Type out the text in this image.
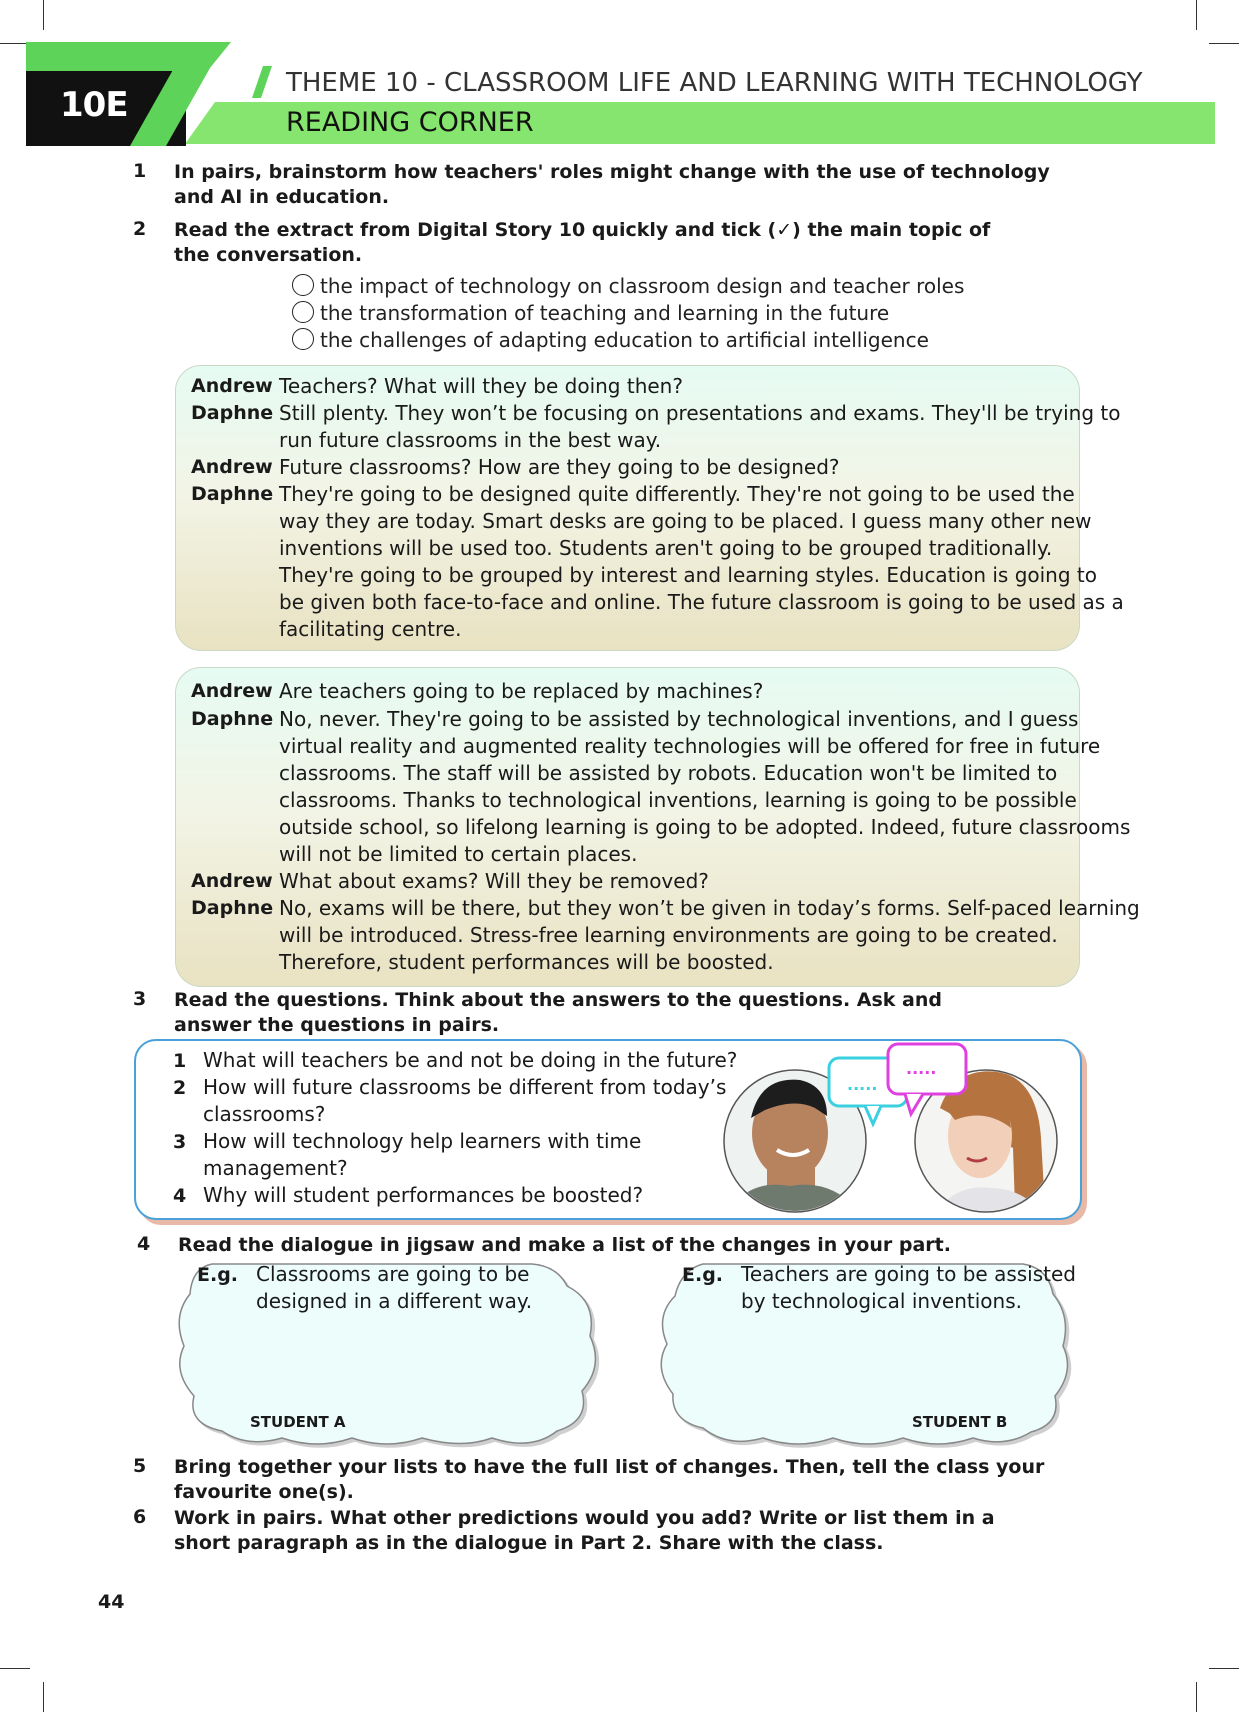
10E
THEME 10 - CLASSROOM LIFE AND LEARNING WITH TECHNOLOGY
READING CORNER
1 In pairs, brainstorm how teachers' roles might change with the use of technology and AI in education.
2 Read the extract from Digital Story 10 quickly and tick (✓) the main topic of the conversation.
the impact of technology on classroom design and teacher roles
the transformation of teaching and learning in the future
the challenges of adapting education to artificial intelligence
Andrew Teachers? What will they be doing then?
Daphne Still plenty. They won’t be focusing on presentations and exams. They'll be trying to
run future classrooms in the best way.
Andrew Future classrooms? How are they going to be designed?
Daphne They're going to be designed quite differently. They're not going to be used the
way they are today. Smart desks are going to be placed. I guess many other new
inventions will be used too. Students aren't going to be grouped traditionally.
They're going to be grouped by interest and learning styles. Education is going to
be given both face-to-face and online. The future classroom is going to be used as a
facilitating centre.
Andrew Are teachers going to be replaced by machines?
Daphne No, never. They're going to be assisted by technological inventions, and I guess
virtual reality and augmented reality technologies will be offered for free in future
classrooms. The staff will be assisted by robots. Education won't be limited to
classrooms. Thanks to technological inventions, learning is going to be possible
outside school, so lifelong learning is going to be adopted. Indeed, future classrooms
will not be limited to certain places.
Andrew What about exams? Will they be removed?
Daphne No, exams will be there, but they won’t be given in today’s forms. Self-paced learning
will be introduced. Stress-free learning environments are going to be created.
Therefore, student performances will be boosted.
3 Read the questions. Think about the answers to the questions. Ask and answer the questions in pairs.
1 What will teachers be and not be doing in the future?
2 How will future classrooms be different from today’s
classrooms?
3 How will technology help learners with time
management?
4 Why will student performances be boosted?
.....
.....
4 Read the dialogue in jigsaw and make a list of the changes in your part.
E.g. Classrooms are going to be
designed in a different way.
STUDENT A
E.g. Teachers are going to be assisted
by technological inventions.
STUDENT B
5 Bring together your lists to have the full list of changes. Then, tell the class your favourite one(s).
6 Work in pairs. What other predictions would you add? Write or list them in a short paragraph as in the dialogue in Part 2. Share with the class.
44
